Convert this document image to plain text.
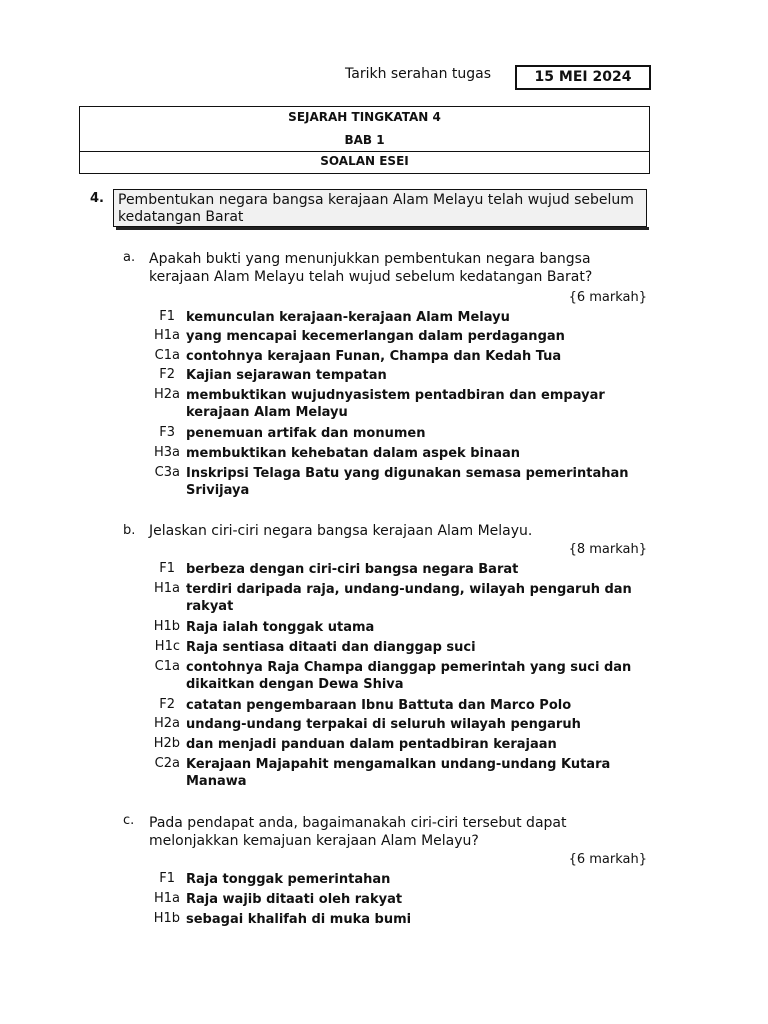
Tarikh serahan tugas	15 MEI 2024
SEJARAH TINGKATAN 4
BAB 1
SOALAN ESEI
4.	Pembentukan negara bangsa kerajaan Alam Melayu telah wujud sebelum kedatangan Barat
a. Apakah bukti yang menunjukkan pembentukan negara bangsa kerajaan Alam Melayu telah wujud sebelum kedatangan Barat?
{6 markah}
F1 kemunculan kerajaan-kerajaan Alam Melayu
H1a yang mencapai kecemerlangan dalam perdagangan
C1a contohnya kerajaan Funan, Champa dan Kedah Tua
F2 Kajian sejarawan tempatan
H2a membuktikan wujudnyasistem pentadbiran dan empayar kerajaan Alam Melayu
F3 penemuan artifak dan monumen
H3a membuktikan kehebatan dalam aspek binaan
C3a Inskripsi Telaga Batu yang digunakan semasa pemerintahan Srivijaya
b. Jelaskan ciri-ciri negara bangsa kerajaan Alam Melayu.
{8 markah}
F1 berbeza dengan ciri-ciri bangsa negara Barat
H1a terdiri daripada raja, undang-undang, wilayah pengaruh dan rakyat
H1b Raja ialah tonggak utama
H1c Raja sentiasa ditaati dan dianggap suci
C1a contohnya Raja Champa dianggap pemerintah yang suci dan dikaitkan dengan Dewa Shiva
F2 catatan pengembaraan Ibnu Battuta dan Marco Polo
H2a undang-undang terpakai di seluruh wilayah pengaruh
H2b dan menjadi panduan dalam pentadbiran kerajaan
C2a Kerajaan Majapahit mengamalkan undang-undang Kutara Manawa
c. Pada pendapat anda, bagaimanakah ciri-ciri tersebut dapat melonjakkan kemajuan kerajaan Alam Melayu?
{6 markah}
F1 Raja tonggak pemerintahan
H1a Raja wajib ditaati oleh rakyat
H1b sebagai khalifah di muka bumi
